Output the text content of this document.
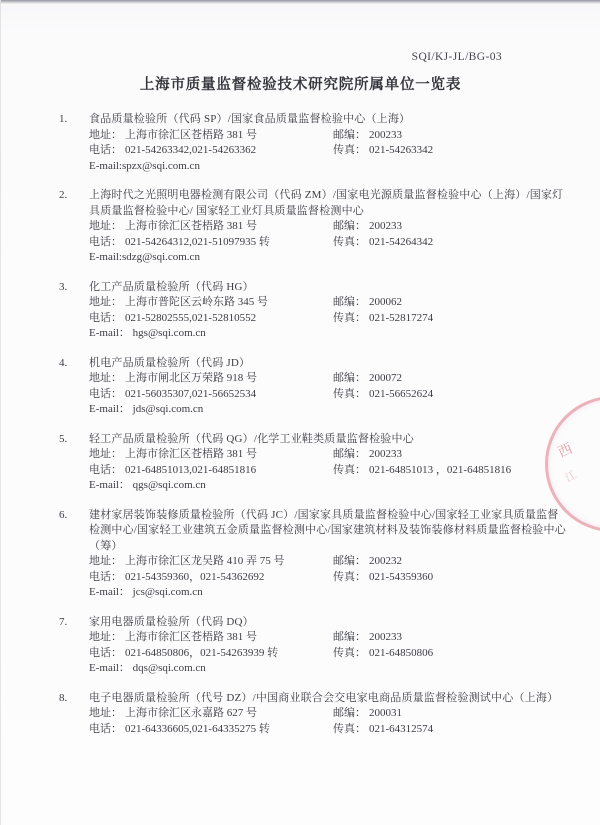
SQI/KJ-JL/BG-03
上海市质量监督检验技术研究院所属单位一览表
1.	食品质量检验所（代码 SP）/国家食品质量监督检验中心（上海）
地址： 上海市徐汇区苍梧路 381 号	邮编： 200233
电话： 021-54263342,021-54263362	传真： 021-54263342
E-mail:spzx@sqi.com.cn
2.	上海时代之光照明电器检测有限公司（代码 ZM）/国家电光源质量监督检验中心（上海）/国家灯具质量监督检验中心/ 国家轻工业灯具质量监督检测中心
地址： 上海市徐汇区苍梧路 381 号	邮编： 200233
电话： 021-54264312,021-51097935 转	传真： 021-54264342
E-mail:sdzg@sqi.com.cn
3.	化工产品质量检验所（代码 HG）
地址： 上海市普陀区云岭东路 345 号	邮编： 200062
电话： 021-52802555,021-52810552	传真： 021-52817274
E-mail： hgs@sqi.com.cn
4.	机电产品质量检验所（代码 JD）
地址： 上海市闸北区万荣路 918 号	邮编： 200072
电话： 021-56035307,021-56652534	传真： 021-56652624
E-mail： jds@sqi.com.cn
5.	轻工产品质量检验所（代码 QG）/化学工业鞋类质量监督检验中心
地址： 上海市徐汇区苍梧路 381 号	邮编： 200233
电话： 021-64851013,021-64851816	传真： 021-64851013 ，021-64851816
E-mail： qgs@sqi.com.cn
6.	建材家居装饰装修质量检验所（代码 JC）/国家家具质量监督检验中心/国家轻工业家具质量监督检测中心/国家轻工业建筑五金质量监督检测中心/国家建筑材料及装饰装修材料质量监督检验中心（筹）
地址： 上海市徐汇区龙吴路 410 弄 75 号	邮编： 200232
电话： 021-54359360，021-54362692	传真： 021-54359360
E-mail： jcs@sqi.com.cn
7.	家用电器质量检验所（代码 DQ）
地址： 上海市徐汇区苍梧路 381 号	邮编： 200233
电话： 021-64850806，021-54263939 转	传真： 021-64850806
E-mail： dqs@sqi.com.cn
8.	电子电器质量检验所（代号 DZ）/中国商业联合会交电家电商品质量监督检验测试中心（上海）
地址： 上海市徐汇区永嘉路 627 号	邮编： 200031
电话： 021-64336605,021-64335275 转	传真： 021-64312574
西
江
